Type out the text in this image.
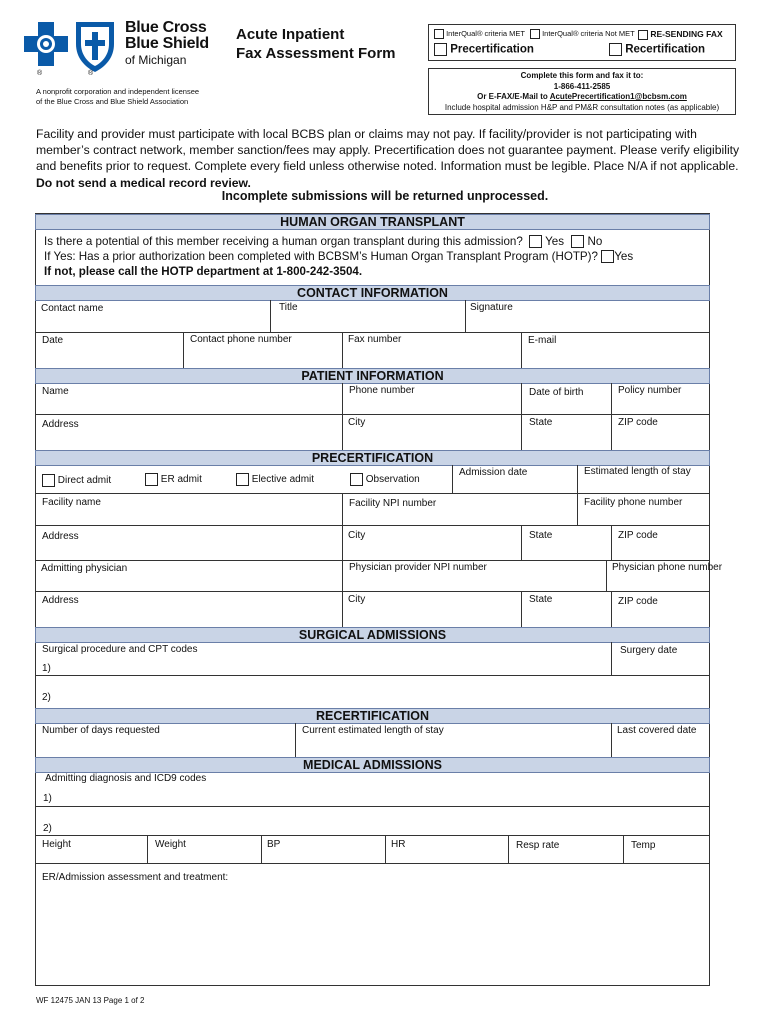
Blue Cross
Blue Shield
of Michigan
®	®
A nonprofit corporation and independent licensee
of the Blue Cross and Blue Shield Association
Acute Inpatient
Fax Assessment Form
InterQual® criteria MET	InterQual® criteria Not MET	RE-SENDING FAX
Precertification	Recertification
Complete this form and fax it to:
1-866-411-2585
Or E-FAX/E-Mail to AcutePrecertification1@bcbsm.com
Include hospital admission H&P and PM&R consultation notes (as applicable)
Facility and provider must participate with local BCBS plan or claims may not pay. If facility/provider is not participating with member’s contract network, member sanction/fees may apply. Precertification does not guarantee payment. Please verify eligibility and benefits prior to request. Complete every field unless otherwise noted. Information must be legible. Place N/A if not applicable. Do not send a medical record review.
Incomplete submissions will be returned unprocessed.
HUMAN ORGAN TRANSPLANT
Is there a potential of this member receiving a human organ transplant during this admission? Yes No
If Yes: Has a prior authorization been completed with BCBSM’s Human Organ Transplant Program (HOTP)? Yes
If not, please call the HOTP department at 1-800-242-3504.
CONTACT INFORMATION
Contact name	Title	Signature
Date	Contact phone number	Fax number	E-mail
PATIENT INFORMATION
Name	Phone number	Date of birth	Policy number
Address	City	State	ZIP code
PRECERTIFICATION
Direct admit	ER admit	Elective admit	Observation
Admission date	Estimated length of stay
Facility name	Facility NPI number	Facility phone number
Address	City	State	ZIP code
Admitting physician	Physician provider NPI number	Physician phone number
Address	City	State	ZIP code
SURGICAL ADMISSIONS
Surgical procedure and CPT codes	Surgery date
1)
2)
RECERTIFICATION
Number of days requested	Current estimated length of stay	Last covered date
MEDICAL ADMISSIONS
Admitting diagnosis and ICD9 codes
1)
2)
Height	Weight	BP	HR	Resp rate	Temp
ER/Admission assessment and treatment:
WF 12475 JAN 13 Page 1 of 2
